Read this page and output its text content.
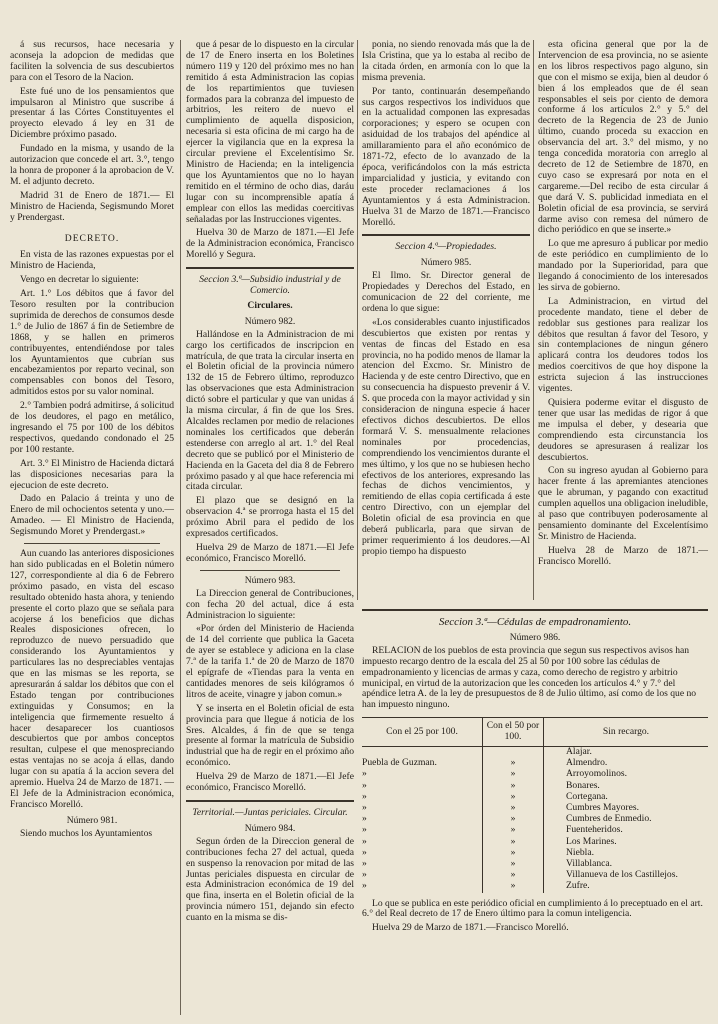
á sus recursos, hace necesaria y aconseja la adopcion de medidas que faciliten la solvencia de sus descubiertos para con el Tesoro de la Nacion.

Este fué uno de los pensamientos que impulsaron al Ministro que suscribe á presentar á las Córtes Constituyentes el proyecto elevado á ley en 31 de Diciembre próximo pasado.

Fundado en la misma, y usando de la autorizacion que concede el art. 3.°, tengo la honra de proponer á la aprobacion de V. M. el adjunto decreto.

Madrid 31 de Enero de 1871.— El Ministro de Hacienda, Segismundo Moret y Prendergast.

DECRETO.

En vista de las razones expuestas por el Ministro de Hacienda,

Vengo en decretar lo siguiente:

Art. 1.° Los débitos que á favor del Tesoro resulten por la contribucion suprimida de derechos de consumos desde 1.° de Julio de 1867 á fin de Setiembre de 1868, y se hallen en primeros contribuyentes, entendiéndose por tales los Ayuntamientos que cubrían sus encabezamientos por reparto vecinal, son compensables con bonos del Tesoro, admitidos estos por su valor nominal.

2.° Tambien podrá admitirse, á solicitud de los deudores, el pago en metálico, ingresando el 75 por 100 de los débitos respectivos, quedando condonado el 25 por 100 restante.

Art. 3.° El Ministro de Hacienda dictará las disposiciones necesarias para la ejecucion de este decreto.

Dado en Palacio á treinta y uno de Enero de mil ochocientos setenta y uno.—Amadeo. — El Ministro de Hacienda, Segismundo Moret y Prendergast.»

Aun cuando las anteriores disposiciones han sido publicadas en el Boletin número 127, correspondiente al dia 6 de Febrero próximo pasado, en vista del escaso resultado obtenido hasta ahora, y teniendo presente el corto plazo que se señala para acojerse á los beneficios que dichas Reales disposiciones ofrecen, lo reproduzco de nuevo persuadido que considerando los Ayuntamientos y particulares las no despreciables ventajas que en las mismas se les reporta, se apresurarán á saldar los débitos que con el Estado tengan por contribuciones extinguidas y Consumos; en la inteligencia que firmemente resuelto á hacer desaparecer los cuantiosos descubiertos que por ambos conceptos resultan, culpese el que menospreciando estas ventajas no se acoja á ellas, dando lugar con su apatía á la accion severa del apremio. Huelva 24 de Marzo de 1871. — El Jefe de la Administracion económica, Francisco Morelló.

Número 981.

Siendo muchos los Ayuntamientos

que á pesar de lo dispuesto en la circular de 17 de Enero inserta en los Boletines número 119 y 120 del próximo mes no han remitido á esta Administracion las copias de los repartimientos que tuviesen formados para la cobranza del impuesto de arbitrios, les reitero de nuevo el cumplimiento de aquella disposicion, necesaria si esta oficina de mi cargo ha de ejercer la vigilancia que en la expresa la circular previene el Excelentísimo Sr. Ministro de Hacienda; en la inteligencia que los Ayuntamientos que no lo hayan remitido en el término de ocho dias, daráu lugar con su incomprensible apatía á emplear con ellos las medidas coercitivas señaladas por las Instrucciones vigentes.

Huelva 30 de Marzo de 1871.—El Jefe de la Administracion económica, Francisco Morelló y Segura.

Seccion 3.ª—Subsidio industrial y de Comercio.
Circulares.
Número 982.

Hallándose en la Administracion de mi cargo los certificados de inscripcion en matrícula, de que trata la circular inserta en el Boletin oficial de la provincia número 132 de 15 de Febrero último, reproduzco las observaciones que esta Administracion dictó sobre el particular y que van unidas á la misma circular, á fin de que los Sres. Alcaldes reclamen por medio de relaciones nominales los certificados que deberán estenderse con arreglo al art. 1.° del Real decreto que se publicó por el Ministerio de Hacienda en la Gaceta del dia 8 de Febrero próximo pasado y al que hace referencia mi citada circular.

El plazo que se designó en la observacion 4.ª se prorroga hasta el 15 del próximo Abril para el pedido de los expresados certificados.

Huelva 29 de Marzo de 1871.—El Jefe económico, Francisco Morelló.

Número 983.

La Direccion general de Contribuciones, con fecha 20 del actual, dice á esta Administracion lo siguiente:

«Por órden del Ministerio de Hacienda de 14 del corriente que publica la Gaceta de ayer se establece y adiciona en la clase 7.ª de la tarifa 1.ª de 20 de Marzo de 1870 el epígrafe de «Tiendas para la venta en cantidades menores de seis kilógramos ó litros de aceite, vinagre y jabon comun.»

Y se inserta en el Boletin oficial de esta provincia para que llegue á noticia de los Sres. Alcaldes, á fin de que se tenga presente al formar la matrícula de Subsidio industrial que ha de regir en el próximo año económico.

Huelva 29 de Marzo de 1871.—El Jefe económico, Francisco Morelló.

Territorial.—Juntas periciales. Circular.
Número 984.

Segun órden de la Direccion general de contribuciones fecha 27 del actual, queda en suspenso la renovacion por mitad de las Juntas periciales dispuesta en circular de esta Administracion económica de 19 del que fina, inserta en el Boletin oficial de la provincia número 151, dejando sin efecto cuanto en la misma se dis-

ponia, no siendo renovada más que la de Isla Cristina, que ya lo estaba al recibo de la citada órden, en armonía con lo que la misma prevenia.

Por tanto, continuarán desempeñando sus cargos respectivos los individuos que en la actualidad componen las expresadas corporaciones; y espero se ocupen con asiduidad de los trabajos del apéndice al amillaramiento para el año económico de 1871-72, efecto de lo avanzado de la época, verificándolos con la más estricta imparcialidad y justicia, y evitando con este proceder reclamaciones á los Ayuntamientos y á esta Administracion. Huelva 31 de Marzo de 1871.—Francisco Morelló.

Seccion 4.ª—Propiedades.
Número 985.

El Ilmo. Sr. Director general de Propiedades y Derechos del Estado, en comunicacion de 22 del corriente, me ordena lo que sigue:

«Los considerables cuanto injustificados descubiertos que existen por rentas y ventas de fincas del Estado en esa provincia, no ha podido menos de llamar la atencion del Excmo. Sr. Ministro de Hacienda y de este centro Directivo, que en su consecuencia ha dispuesto prevenir á V. S. que proceda con la mayor actividad y sin consideracion de ninguna especie á hacer efectivos dichos descubiertos. De ellos formará V. S. mensualmente relaciones nominales por procedencias, comprendiendo los vencimientos durante el mes último, y los que no se hubiesen hecho efectivos de los anteriores, expresando las fechas de dichos vencimientos, y remitiendo de ellas copia certificada á este centro Directivo, con un ejemplar del Boletin oficial de esa provincia en que deberá publicarla, para que sirvan de primer requerimiento á los deudores.—Al propio tiempo ha dispuesto

esta oficina general que por la de Intervencion de esa provincia, no se asiente en los libros respectivos pago alguno, sin que con el mismo se exija, bien al deudor ó bien á los empleados que de él sean responsables el seis por ciento de demora conforme á los artículos 2.° y 5.° del decreto de la Regencia de 23 de Junio último, cuando proceda su exaccion en observancia del art. 3.° del mismo, y no tenga concedida moratoria con arreglo al decreto de 12 de Setiembre de 1870, en cuyo caso se expresará por nota en el cargareme.—Del recibo de esta circular á que dará V. S. publicidad inmediata en el Boletin oficial de esa provincia, se servirá darme aviso con remesa del número de dicho periódico en que se inserte.»

Lo que me apresuro á publicar por medio de este periódico en cumplimiento de lo mandado por la Superioridad, para que llegando á conocimiento de los interesados les sirva de gobierno.

La Administracion, en virtud del procedente mandato, tiene el deber de redoblar sus gestiones para realizar los débitos que resultan á favor del Tesoro, y sin contemplaciones de ningun género aplicará contra los deudores todos los medios coercitivos de que hoy dispone la estricta sujecion á las instrucciones vigentes.

Quisiera poderme evitar el disgusto de tener que usar las medidas de rigor á que me impulsa el deber, y desearia que comprendiendo esta circunstancia los deudores se apresurasen á realizar los descubiertos.

Con su ingreso ayudan al Gobierno para hacer frente á las apremiantes atenciones que le abruman, y pagando con exactitud cumplen aquellos una obligacion ineludible, al paso que contribuyen poderosamente al pensamiento dominante del Excelentísimo Sr. Ministro de Hacienda.

Huelva 28 de Marzo de 1871.— Francisco Morelló.

Seccion 3.ª—Cédulas de empadronamiento.
Número 986.

RELACION de los pueblos de esta provincia que segun sus respectivos avisos han impuesto recargo dentro de la escala del 25 al 50 por 100 sobre las cédulas de empadronamiento y licencias de armas y caza, como derecho de registro y arbitrio municipal, en virtud de la autorizacion que les conceden los artículos 4.° y 7.° del apéndice letra A. de la ley de presupuestos de 8 de Julio último, así como de los que no han impuesto ninguno.

Con el 25 por 100.	Con el 50 por 100.	Sin recargo.
		Alajar.
Puebla de Guzman.	»	Almendro.
»	»	Arroyomolinos.
»	»	Bonares.
»	»	Cortegana.
»	»	Cumbres Mayores.
»	»	Cumbres de Enmedio.
»	»	Fuenteheridos.
»	»	Los Marines.
»	»	Niebla.
»	»	Villablanca.
»	»	Villanueva de los Castillejos.
»	»	Zufre.

Lo que se publica en este periódico oficial en cumplimiento á lo preceptuado en el art. 6.° del Real decreto de 17 de Enero último para la comun inteligencia.

Huelva 29 de Marzo de 1871.—Francisco Morelló.
